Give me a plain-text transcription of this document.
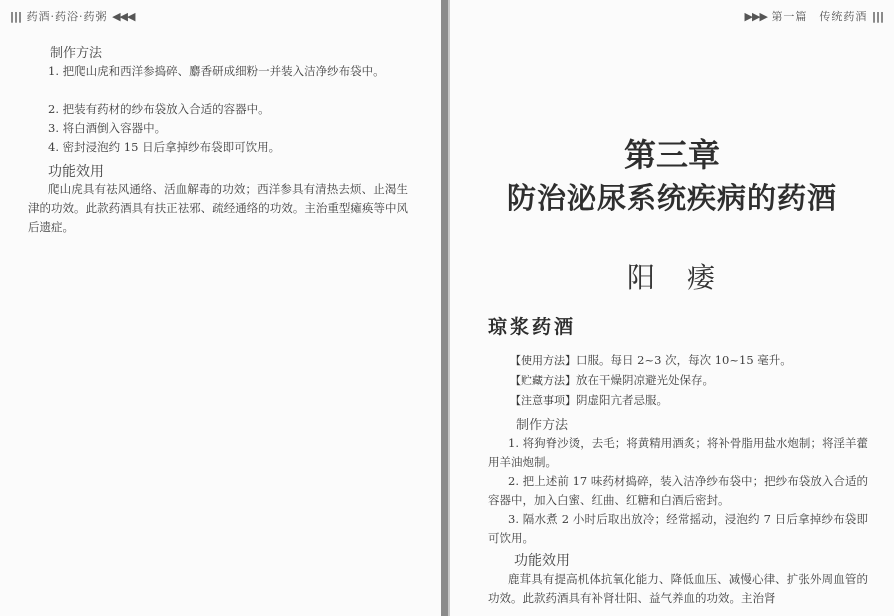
||| 药酒·药浴·药粥 ◀◀◀
制作方法
1. 把爬山虎和西洋参捣碎、麝香研成细粉一并装入洁净纱布袋中。
2. 把装有药材的纱布袋放入合适的容器中。
3. 将白酒倒入容器中。
4. 密封浸泡约 15 日后拿掉纱布袋即可饮用。
功能效用
爬山虎具有祛风通络、活血解毒的功效；西洋参具有清热去烦、止渴生津的功效。此款药酒具有扶正祛邪、疏经通络的功效。主治重型瘫痪等中风后遗症。
▶▶▶ 第一篇　传统药酒 |||
第三章
防治泌尿系统疾病的药酒
阳　痿
琼浆药酒
【使用方法】口服。每日 2~3 次，每次 10~15 毫升。
【贮藏方法】放在干燥阴凉避光处保存。
【注意事项】阴虚阳亢者忌服。
制作方法
1. 将狗脊沙烫，去毛；将黄精用酒炙；将补骨脂用盐水炮制；将淫羊藿用羊油炮制。
2. 把上述前 17 味药材捣碎，装入洁净纱布袋中；把纱布袋放入合适的容器中，加入白蜜、红曲、红糖和白酒后密封。
3. 隔水煮 2 小时后取出放冷；经常摇动，浸泡约 7 日后拿掉纱布袋即可饮用。
功能效用
鹿茸具有提高机体抗氧化能力、降低血压、减慢心律、扩张外周血管的功效。此款药酒具有补肾壮阳、益气养血的功效。主治肾
